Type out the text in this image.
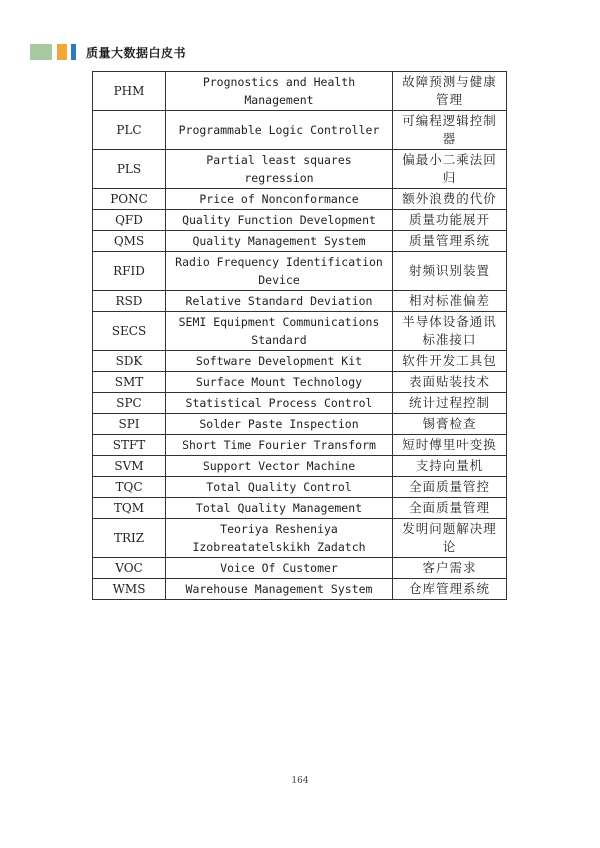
质量大数据白皮书
PHM	Prognostics and Health Management	故障预测与健康管理
PLC	Programmable Logic Controller	可编程逻辑控制器
PLS	Partial least squares regression	偏最小二乘法回归
PONC	Price of Nonconformance	额外浪费的代价
QFD	Quality Function Development	质量功能展开
QMS	Quality Management System	质量管理系统
RFID	Radio Frequency Identification Device	射频识别装置
RSD	Relative Standard Deviation	相对标准偏差
SECS	SEMI Equipment Communications Standard	半导体设备通讯标准接口
SDK	Software Development Kit	软件开发工具包
SMT	Surface Mount Technology	表面贴装技术
SPC	Statistical Process Control	统计过程控制
SPI	Solder Paste Inspection	锡膏检查
STFT	Short Time Fourier Transform	短时傅里叶变换
SVM	Support Vector Machine	支持向量机
TQC	Total Quality Control	全面质量管控
TQM	Total Quality Management	全面质量管理
TRIZ	Teoriya Resheniya Izobreatatelskikh Zadatch	发明问题解决理论
VOC	Voice Of Customer	客户需求
WMS	Warehouse Management System	仓库管理系统
164
